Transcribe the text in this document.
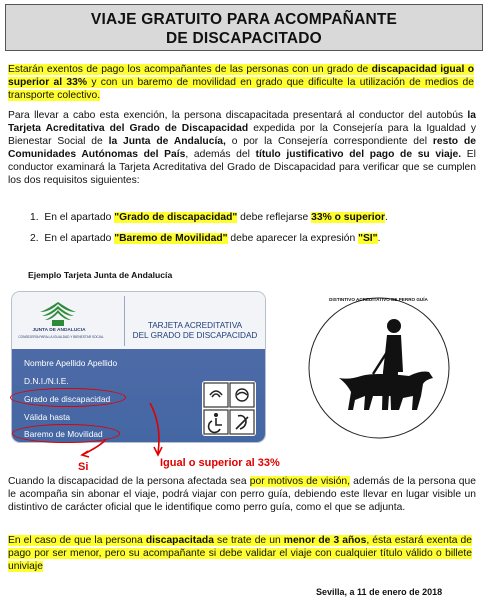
VIAJE GRATUITO PARA ACOMPAÑANTE
DE DISCAPACITADO
Estarán exentos de pago los acompañantes de las personas con un grado de discapacidad igual o superior al 33% y con un baremo de movilidad en grado que dificulte la utilización de medios de transporte colectivo.
Para llevar a cabo esta exención, la persona discapacitada presentará al conductor del autobús la Tarjeta Acreditativa del Grado de Discapacidad expedida por la Consejería para la Igualdad y Bienestar Social de la Junta de Andalucía, o por la Consejería correspondiente del resto de Comunidades Autónomas del País, además del título justificativo del pago de su viaje. El conductor examinará la Tarjeta Acreditativa del Grado de Discapacidad para verificar que se cumplen los dos requisitos siguientes:
1. En el apartado "Grado de discapacidad" debe reflejarse 33% o superior.
2. En el apartado "Baremo de Movilidad" debe aparecer la expresión "SI".
Ejemplo Tarjeta Junta de Andalucía
JUNTA DE ANDALUCIA
CONSEJERÍA PARA LA IGUALDAD Y BIENESTAR SOCIAL
TARJETA ACREDITATIVA
DEL GRADO DE DISCAPACIDAD
Nombre Apellido Apellido
D.N.I./N.I.E.
Grado de discapacidad
Válida hasta
Baremo de Movilidad
Si	Igual o superior al 33%
DISTINTIVO ACREDITATIVO DE PERRO GUÍA
Cuando la discapacidad de la persona afectada sea por motivos de visión, además de la persona que le acompaña sin abonar el viaje, podrá viajar con perro guía, debiendo este llevar en lugar visible un distintivo de carácter oficial que le identifique como perro guía, como el que se adjunta.
En el caso de que la persona discapacitada se trate de un menor de 3 años, ésta estará exenta de pago por ser menor, pero su acompañante si debe validar el viaje con cualquier título válido o billete univiaje
Sevilla, a 11 de enero de 2018
